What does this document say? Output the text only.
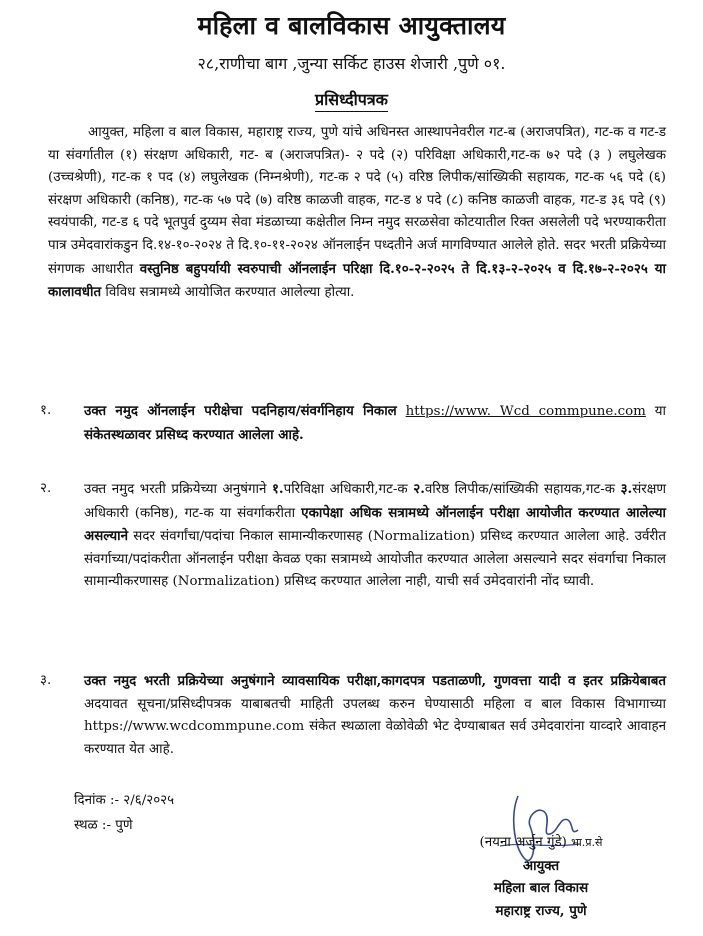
महिला व बालविकास आयुक्तालय
२८,राणीचा बाग ,जुन्या सर्किट हाउस शेजारी ,पुणे ०१.
प्रसिध्दीपत्रक
आयुक्त, महिला व बाल विकास, महाराष्ट्र राज्य, पुणे यांचे अधिनस्त आस्थापनेवरील गट-ब (अराजपत्रित), गट-क व गट-ड या संवर्गातील (१) संरक्षण अधिकारी, गट- ब (अराजपत्रित)- २ पदे (२) परिविक्षा अधिकारी,गट-क ७२ पदे (३ ) लघुलेखक (उच्चश्रेणी), गट-क १ पद (४) लघुलेखक (निम्नश्रेणी), गट-क २ पदे (५) वरिष्ठ लिपीक/सांख्यिकी सहायक, गट-क ५६ पदे (६) संरक्षण अधिकारी (कनिष्ठ), गट-क ५७ पदे (७) वरिष्ठ काळजी वाहक, गट-ड ४ पदे (८) कनिष्ठ काळजी वाहक, गट-ड ३६ पदे (९) स्वयंपाकी, गट-ड ६ पदे भूतपुर्व दुय्यम सेवा मंडळाच्या कक्षेतील निम्न नमुद सरळसेवा कोटयातील रिक्त असलेली पदे भरण्याकरीता पात्र उमेदवारांकडुन दि.१४-१०-२०२४ ते दि.१०-११-२०२४ ऑनलाईन पध्दतीने अर्ज मागविण्यात आलेले होते. सदर भरती प्रक्रियेच्या संगणक आधारीत वस्तुनिष्ठ बहुपर्यायी स्वरुपाची ऑनलाईन परिक्षा दि.१०-२-२०२५ ते दि.१३-२-२०२५ व दि.१७-२-२०२५ या कालावधीत विविध सत्रामध्ये आयोजित करण्यात आलेल्या होत्या.
१.	उक्त नमुद ऑनलाईन परीक्षेचा पदनिहाय/संवर्गनिहाय निकाल https://www. Wcd commpune.com या संकेतस्थळावर प्रसिध्द करण्यात आलेला आहे.
२.	उक्त नमुद भरती प्रक्रियेच्या अनुषंगाने १.परिविक्षा अधिकारी,गट-क २.वरिष्ठ लिपीक/सांख्यिकी सहायक,गट-क ३.संरक्षण अधिकारी (कनिष्ठ), गट-क या संवर्गाकरीता एकापेक्षा अधिक सत्रामध्ये ऑनलाईन परीक्षा आयोजीत करण्यात आलेल्या असल्याने सदर संवर्गांचा/पदांचा निकाल सामान्यीकरणासह (Normalization) प्रसिध्द करण्यात आलेला आहे. उर्वरीत संवर्गाच्या/पदांकरीता ऑनलाईन परीक्षा केवळ एका सत्रामध्ये आयोजीत करण्यात आलेला असल्याने सदर संवर्गाचा निकाल सामान्यीकरणासह (Normalization) प्रसिध्द करण्यात आलेला नाही, याची सर्व उमेदवारांनी नोंद घ्यावी.
३.	उक्त नमुद भरती प्रक्रियेच्या अनुषंगाने व्यावसायिक परीक्षा,कागदपत्र पडताळणी, गुणवत्ता यादी व इतर प्रक्रियेबाबत अदयावत सूचना/प्रसिध्दीपत्रक याबाबतची माहिती उपलब्ध करुन घेण्यासाठी महिला व बाल विकास विभागाच्या https://www.wcdcommpune.com संकेत स्थळाला वेळोवेळी भेट देण्याबाबत सर्व उमेदवारांना याव्दारे आवाहन करण्यात येत आहे.
दिनांक :- २/६/२०२५
स्थळ :- पुणे
(नयना अर्जुन गुंडे) भा.प्र.से
आयुक्त
महिला बाल विकास
महाराष्ट्र राज्य, पुणे
